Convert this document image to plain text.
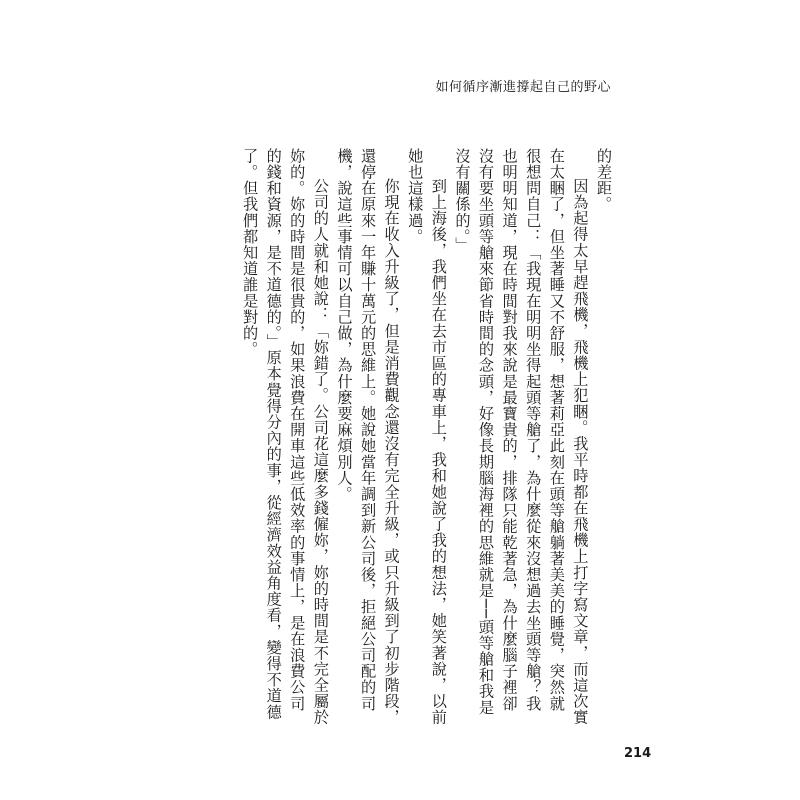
如何循序漸進撐起自己的野心

的差距。

因為起得太早趕飛機，飛機上犯睏。我平時都在飛機上打字寫文章，而這次實在太睏了，但坐著睡又不舒服，想著莉亞此刻在頭等艙躺著美美的睡覺，突然就很想問自己：「我現在明明坐得起頭等艙了，為什麼從來沒想過去坐頭等艙？我也明明知道，現在時間對我來說是最寶貴的，排隊只能乾著急，為什麼腦子裡卻沒有要坐頭等艙來節省時間的念頭，好像長期腦海裡的思維就是──頭等艙和我是沒有關係的。」

到上海後，我們坐在去市區的專車上，我和她說了我的想法，她笑著說，以前她也這樣過。

你現在收入升級了，但是消費觀念還沒有完全升級，或只升級到了初步階段，還停在原來一年賺十萬元的思維上。她說她當年調到新公司後，拒絕公司配的司機，說這些事情可以自己做，為什麼要麻煩別人。

公司的人就和她說：「妳錯了。公司花這麼多錢僱妳，妳的時間是不完全屬於妳的。妳的時間是很貴的，如果浪費在開車這些低效率的事情上，是在浪費公司的錢和資源，是不道德的。」原本覺得分內的事，從經濟效益角度看，變得不道德了。但我們都知道誰是對的。

214
